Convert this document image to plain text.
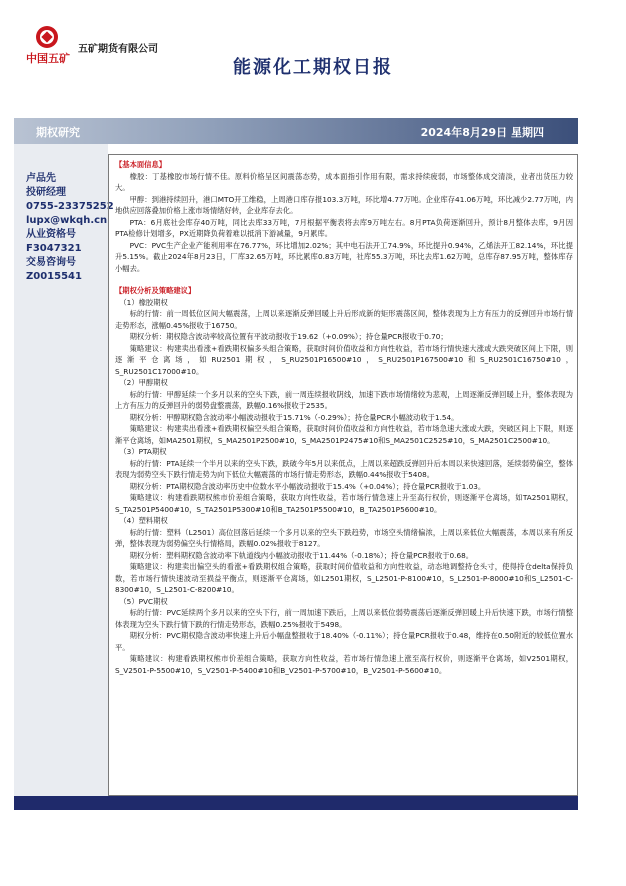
中国五矿
五矿期货有限公司
能源化工期权日报
期权研究	2024年8月29日 星期四
卢品先
投研经理
0755-23375252
lupx@wkqh.cn
从业资格号
F3047321
交易咨询号
Z0015541
【基本面信息】
橡胶：丁基橡胶市场行情不佳。原料价格呈区间震荡态势，成本面指引作用有限，需求持续疲弱，市场整体成交清淡，业者出货压力较大。
甲醇：到港持续回升，港口MTO开工维稳，上周港口库存报103.3万吨，环比增4.77万吨。企业库存41.06万吨，环比减少2.77万吨，内地供应回落叠加价格上涨市场情绪好转，企业库存去化。
PTA：6月底社会库存40万吨，同比去库33万吨，7月根据平衡表将去库9万吨左右。8月PTA负荷逐渐回升，预计8月整体去库，9月因PTA检修计划增多，PX近期降负荷着难以抵消下游减量，9月累库。
PVC：PVC生产企业产能利用率在76.77%，环比增加2.02%；其中电石法开工74.9%，环比提升0.94%，乙烯法开工82.14%，环比提升5.15%。截止2024年8月23日，厂库32.65万吨，环比累库0.83万吨，社库55.3万吨，环比去库1.62万吨，总库存87.95万吨，整体库存小幅去。
【期权分析及策略建议】
（1）橡胶期权
标的行情：前一周低位区间大幅震荡，上周以来逐渐反弹回暖上升后形成新的矩形震荡区间，整体表现为上方有压力的反弹回升市场行情走势形态，涨幅0.45%报收于16750。
期权分析：期权隐含波动率较高位置有平波动报收于19.62（+0.09%）；持仓量PCR报收于0.70；
策略建议：构建卖出看涨+看跌期权偏多头组合策略，获取时间价值收益和方向性收益，若市场行情快速大涨或大跌突破区间上下限，则逐渐平仓离场，如RU2501期权，S_RU2501P16500#10，S_RU2501P167500#10和S_RU2501C16750#10，S_RU2501C17000#10。
（2）甲醇期权
标的行情：甲醇延续一个多月以来的空头下跌，前一周连续报收阴线，加速下跌市场情绪较为悲观，上周逐渐反弹回暖上升，整体表现为上方有压力的反弹回升的弱势盘整震荡，跌幅0.16%报收于2535。
期权分析：甲醇期权隐含波动率小幅波动报收于15.71%（-0.29%）；持仓量PCR小幅波动收于1.54。
策略建议：构建卖出看涨+看跌期权偏空头组合策略，获取时间价值收益和方向性收益，若市场急速大涨或大跌，突破区间上下限，则逐渐平仓离场，如MA2501期权，S_MA2501P2500#10，S_MA2501P2475#10和S_MA2501C2525#10，S_MA2501C2500#10。
（3）PTA期权
标的行情：PTA延续一个半月以来的空头下跌，跌破今年5月以来低点，上周以来超跌反弹回升后本周以来快速回落，延续弱势偏空，整体表现为弱势空头下跌行情走势为向下低位大幅震荡的市场行情走势形态，跌幅0.44%报收于5408。
期权分析：PTA期权隐含波动率历史中位数水平小幅波动报收于15.4%（+0.04%）；持仓量PCR报收于1.03。
策略建议：构建看跌期权熊市价差组合策略，获取方向性收益，若市场行情急速上升至高行权价，则逐渐平仓离场，如TA2501期权，S_TA2501P5400#10，S_TA2501P5300#10和B_TA2501P5500#10，B_TA2501P5600#10。
（4）塑料期权
标的行情：塑料（L2501）高位回落后延续一个多月以来的空头下跌趋势，市场空头情绪偏浓，上周以来低位大幅震荡，本周以来有所反弹，整体表现为弱势偏空头行情格局，跌幅0.02%报收于8127。
期权分析：塑料期权隐含波动率下轨道线内小幅波动报收于11.44%（-0.18%）；持仓量PCR报收于0.68。
策略建议：构建卖出偏空头的看涨+看跌期权组合策略，获取时间价值收益和方向性收益，动态地调整持仓头寸，使得持仓delta保持负数，若市场行情快速波动至损益平衡点，则逐渐平仓离场，如L2501期权，S_L2501-P-8100#10，S_L2501-P-8000#10和S_L2501-C-8300#10，S_L2501-C-8200#10。
（5）PVC期权
标的行情：PVC延续两个多月以来的空头下行，前一周加速下跌后，上周以来低位弱势震荡后逐渐反弹回暖上升后快速下跌，市场行情整体表现为空头下跌行情下跌的行情走势形态，跌幅0.25%报收于5498。
期权分析：PVC期权隐含波动率快速上升后小幅盘整报收于18.40%（-0.11%）；持仓量PCR报收于0.48，维持在0.50附近的较低位置水平。
策略建议：构建看跌期权熊市价差组合策略，获取方向性收益，若市场行情急速上涨至高行权价，则逐渐平仓离场，如V2501期权，S_V2501-P-5500#10，S_V2501-P-5400#10和B_V2501-P-5700#10，B_V2501-P-5600#10。
